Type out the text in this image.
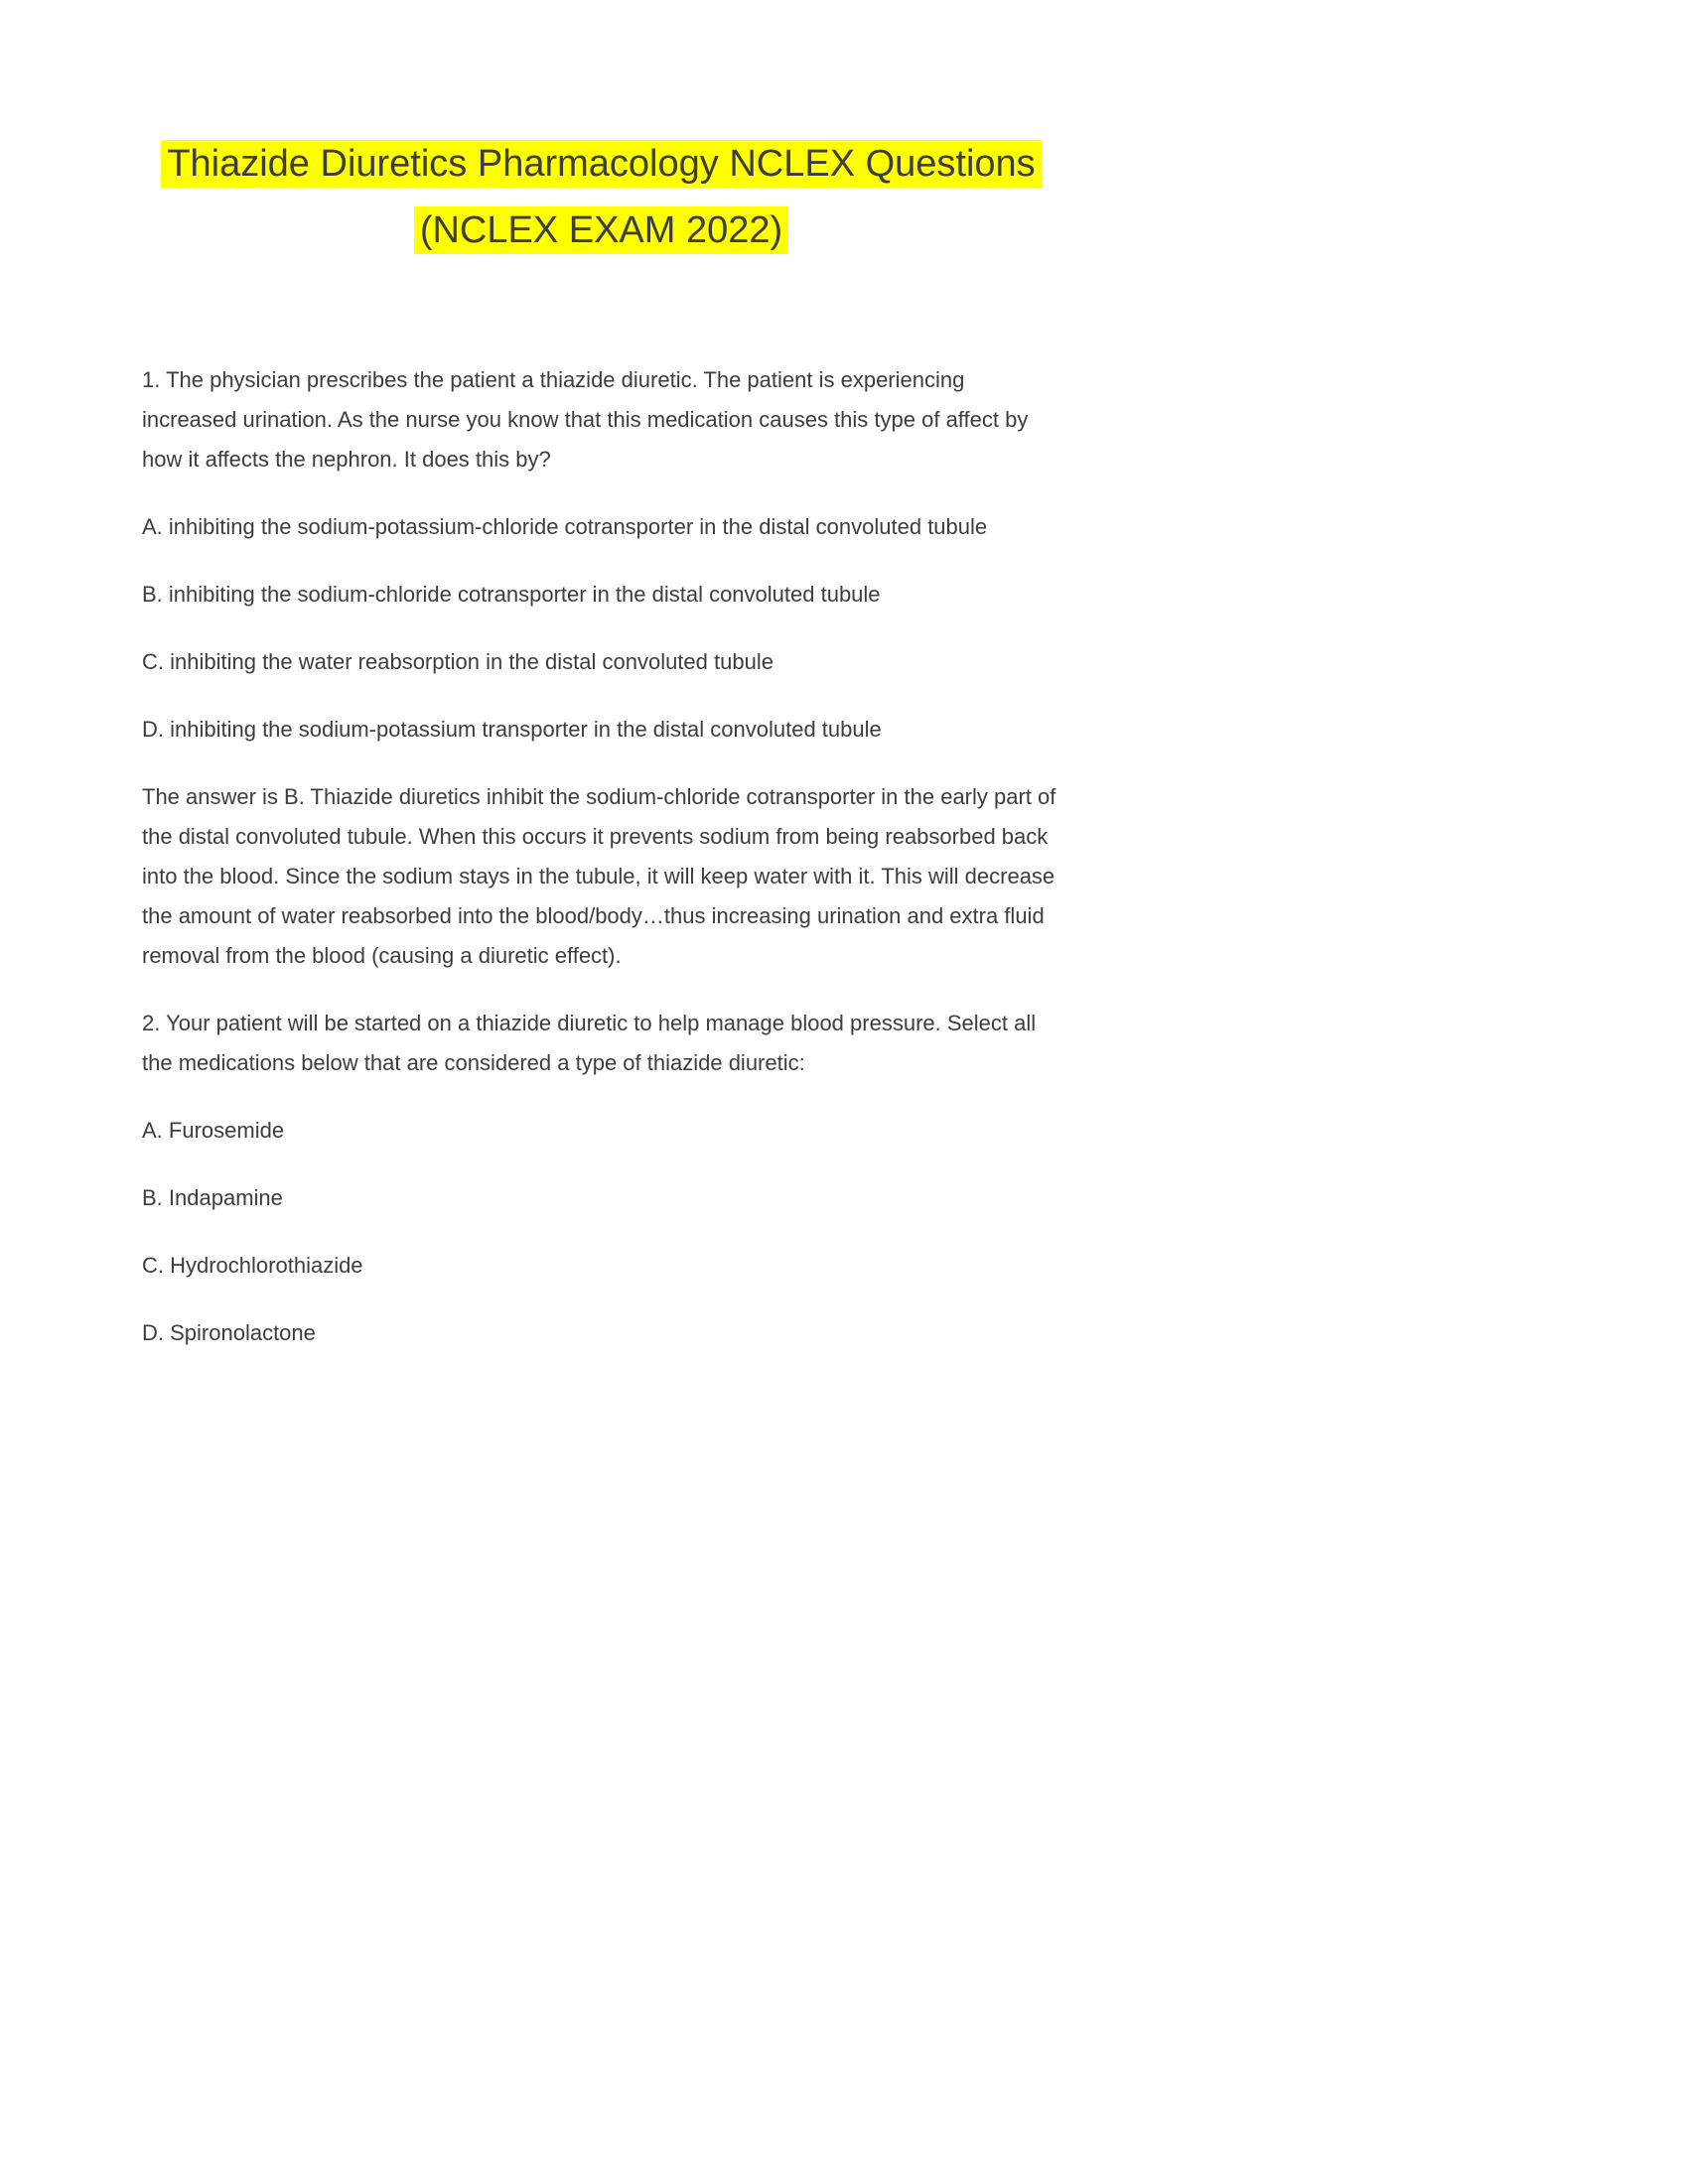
Thiazide Diuretics Pharmacology NCLEX Questions
(NCLEX EXAM 2022)

1. The physician prescribes the patient a thiazide diuretic. The patient is experiencing increased urination. As the nurse you know that this medication causes this type of affect by how it affects the nephron. It does this by?

A. inhibiting the sodium-potassium-chloride cotransporter in the distal convoluted tubule

B. inhibiting the sodium-chloride cotransporter in the distal convoluted tubule

C. inhibiting the water reabsorption in the distal convoluted tubule

D. inhibiting the sodium-potassium transporter in the distal convoluted tubule

The answer is B. Thiazide diuretics inhibit the sodium-chloride cotransporter in the early part of the distal convoluted tubule. When this occurs it prevents sodium from being reabsorbed back into the blood. Since the sodium stays in the tubule, it will keep water with it. This will decrease the amount of water reabsorbed into the blood/body…thus increasing urination and extra fluid removal from the blood (causing a diuretic effect).

2. Your patient will be started on a thiazide diuretic to help manage blood pressure. Select all the medications below that are considered a type of thiazide diuretic:

A. Furosemide

B. Indapamine

C. Hydrochlorothiazide

D. Spironolactone
